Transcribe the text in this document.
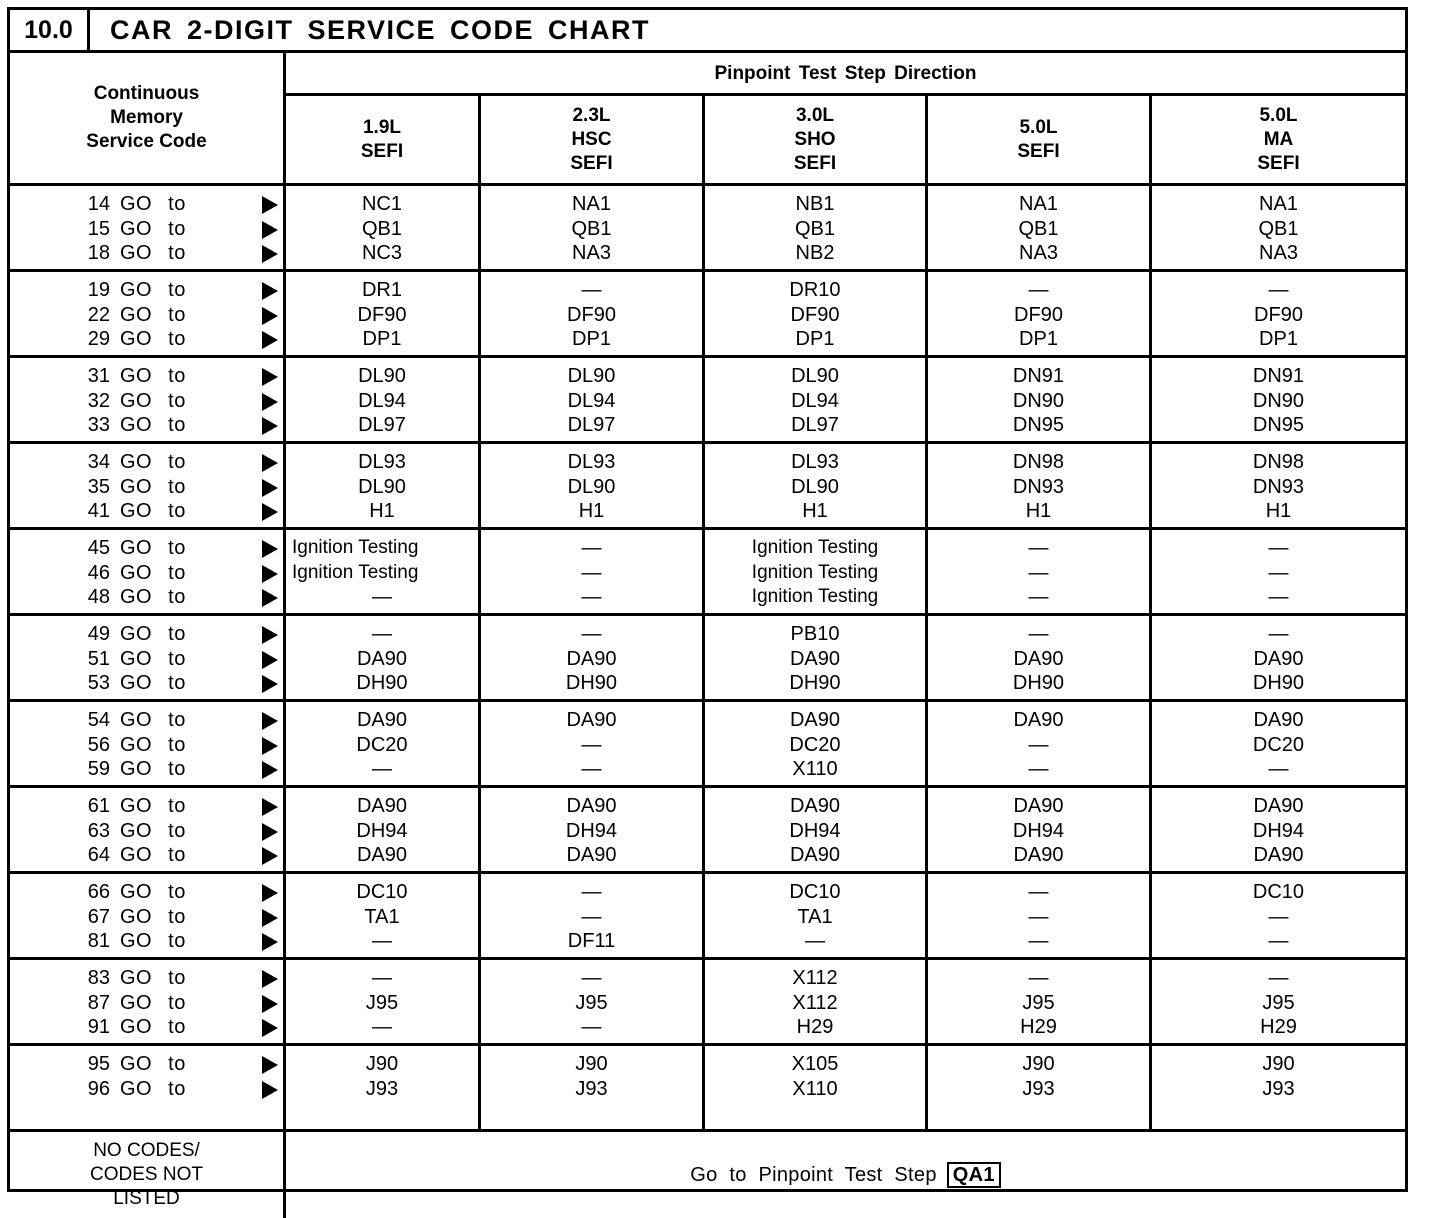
10.0	CAR 2-DIGIT SERVICE CODE CHART
Continuous
Memory
Service Code
Pinpoint Test Step Direction
1.9L
SEFI
2.3L
HSC
SEFI
3.0L
SHO
SEFI
5.0L
SEFI
5.0L
MA
SEFI
14 GO to
15 GO to
18 GO to
NC1
QB1
NC3
NA1
QB1
NA3
NB1
QB1
NB2
NA1
QB1
NA3
NA1
QB1
NA3
19 GO to
22 GO to
29 GO to
DR1
DF90
DP1
—
DF90
DP1
DR10
DF90
DP1
—
DF90
DP1
—
DF90
DP1
31 GO to
32 GO to
33 GO to
DL90
DL94
DL97
DL90
DL94
DL97
DL90
DL94
DL97
DN91
DN90
DN95
DN91
DN90
DN95
34 GO to
35 GO to
41 GO to
DL93
DL90
H1
DL93
DL90
H1
DL93
DL90
H1
DN98
DN93
H1
DN98
DN93
H1
45 GO to
46 GO to
48 GO to
Ignition Testing
Ignition Testing
—
—
—
—
Ignition Testing
Ignition Testing
Ignition Testing
—
—
—
—
—
—
49 GO to
51 GO to
53 GO to
—
DA90
DH90
—
DA90
DH90
PB10
DA90
DH90
—
DA90
DH90
—
DA90
DH90
54 GO to
56 GO to
59 GO to
DA90
DC20
—
DA90
—
—
DA90
DC20
X110
DA90
—
—
DA90
DC20
—
61 GO to
63 GO to
64 GO to
DA90
DH94
DA90
DA90
DH94
DA90
DA90
DH94
DA90
DA90
DH94
DA90
DA90
DH94
DA90
66 GO to
67 GO to
81 GO to
DC10
TA1
—
—
—
DF11
DC10
TA1
—
—
—
—
DC10
—
—
83 GO to
87 GO to
91 GO to
—
J95
—
—
J95
—
X112
X112
H29
—
J95
H29
—
J95
H29
95 GO to
96 GO to
J90
J93
J90
J93
X105
X110
J90
J93
J90
J93
NO CODES/
CODES NOT
LISTED
Go to Pinpoint Test Step QA1
